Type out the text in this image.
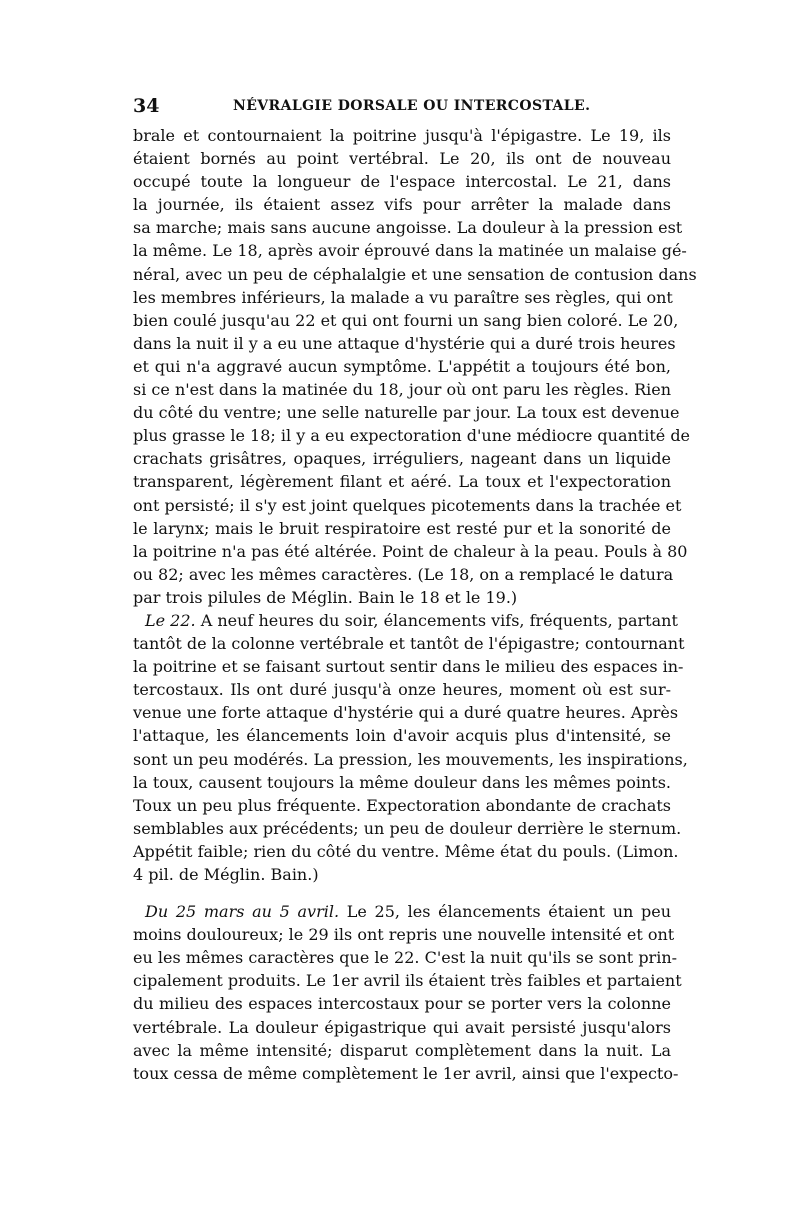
34	NÉVRALGIE DORSALE OU INTERCOSTALE.
brale et contournaient la poitrine jusqu'à l'épigastre. Le 19, ils
étaient bornés au point vertébral. Le 20, ils ont de nouveau
occupé toute la longueur de l'espace intercostal. Le 21, dans
la journée, ils étaient assez vifs pour arrêter la malade dans
sa marche; mais sans aucune angoisse. La douleur à la pression est
la même. Le 18, après avoir éprouvé dans la matinée un malaise gé-
néral, avec un peu de céphalalgie et une sensation de contusion dans
les membres inférieurs, la malade a vu paraître ses règles, qui ont
bien coulé jusqu'au 22 et qui ont fourni un sang bien coloré. Le 20,
dans la nuit il y a eu une attaque d'hystérie qui a duré trois heures
et qui n'a aggravé aucun symptôme. L'appétit a toujours été bon,
si ce n'est dans la matinée du 18, jour où ont paru les règles. Rien
du côté du ventre; une selle naturelle par jour. La toux est devenue
plus grasse le 18; il y a eu expectoration d'une médiocre quantité de
crachats grisâtres, opaques, irréguliers, nageant dans un liquide
transparent, légèrement filant et aéré. La toux et l'expectoration
ont persisté; il s'y est joint quelques picotements dans la trachée et
le larynx; mais le bruit respiratoire est resté pur et la sonorité de
la poitrine n'a pas été altérée. Point de chaleur à la peau. Pouls à 80
ou 82; avec les mêmes caractères. (Le 18, on a remplacé le datura
par trois pilules de Méglin. Bain le 18 et le 19.)
Le 22. A neuf heures du soir, élancements vifs, fréquents, partant
tantôt de la colonne vertébrale et tantôt de l'épigastre; contournant
la poitrine et se faisant surtout sentir dans le milieu des espaces in-
tercostaux. Ils ont duré jusqu'à onze heures, moment où est sur-
venue une forte attaque d'hystérie qui a duré quatre heures. Après
l'attaque, les élancements loin d'avoir acquis plus d'intensité, se
sont un peu modérés. La pression, les mouvements, les inspirations,
la toux, causent toujours la même douleur dans les mêmes points.
Toux un peu plus fréquente. Expectoration abondante de crachats
semblables aux précédents; un peu de douleur derrière le sternum.
Appétit faible; rien du côté du ventre. Même état du pouls. (Limon.
4 pil. de Méglin. Bain.)
Du 25 mars au 5 avril. Le 25, les élancements étaient un peu
moins douloureux; le 29 ils ont repris une nouvelle intensité et ont
eu les mêmes caractères que le 22. C'est la nuit qu'ils se sont prin-
cipalement produits. Le 1er avril ils étaient très faibles et partaient
du milieu des espaces intercostaux pour se porter vers la colonne
vertébrale. La douleur épigastrique qui avait persisté jusqu'alors
avec la même intensité; disparut complètement dans la nuit. La
toux cessa de même complètement le 1er avril, ainsi que l'expecto-
